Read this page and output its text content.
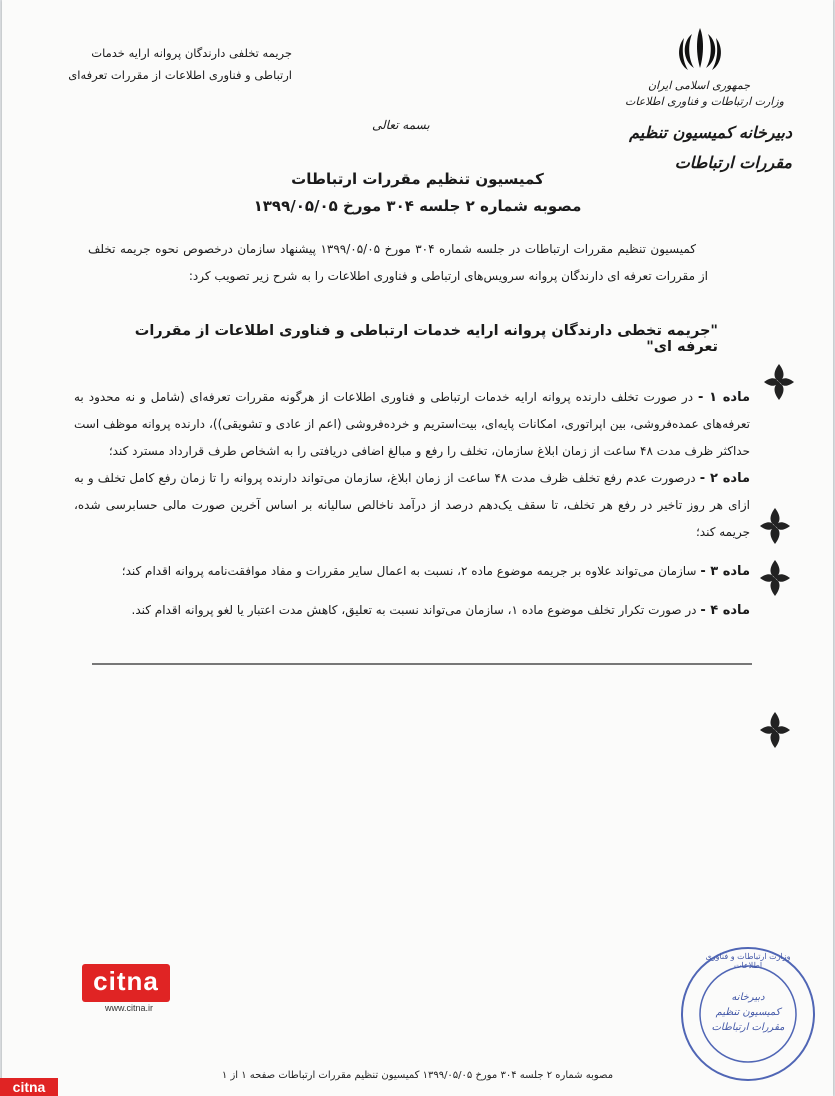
جریمه تخلفی دارندگان پروانه ارایه خدمات
ارتباطی و فناوری اطلاعات از مقررات تعرفه‌ای
جمهوری اسلامی ایران
وزارت ارتباطات و فناوری اطلاعات
دبیرخانه کمیسیون تنظیم مقررات ارتباطات
بسمه تعالی
کمیسیون تنظیم مقررات ارتباطات
مصوبه شماره ۲ جلسه ۳۰۴ مورخ ۱۳۹۹/۰۵/۰۵
کمیسیون تنظیم مقررات ارتباطات در جلسه شماره ۳۰۴ مورخ ۱۳۹۹/۰۵/۰۵ پیشنهاد سازمان درخصوص نحوه جریمه تخلف از مقررات تعرفه ای دارندگان پروانه سرویس‌های ارتباطی و فناوری اطلاعات را به شرح زیر تصویب کرد:
"جریمه تخطی دارندگان پروانه ارایه خدمات ارتباطی و فناوری اطلاعات از مقررات تعرفه ای"

ماده ۱ - در صورت تخلف دارنده پروانه ارایه خدمات ارتباطی و فناوری اطلاعات از هرگونه مقررات تعرفه‌ای (شامل و نه محدود به تعرفه‌های عمده‌فروشی، بین اپراتوری، امکانات پایه‌ای، بیت‌استریم و خرده‌فروشی (اعم از عادی و تشویقی))، دارنده پروانه موظف است حداکثر ظرف مدت ۴۸ ساعت از زمان ابلاغ سازمان، تخلف را رفع و مبالغ اضافی دریافتی را به اشخاص طرف قرارداد مسترد کند؛

ماده ۲ - درصورت عدم رفع تخلف ظرف مدت ۴۸ ساعت از زمان ابلاغ، سازمان می‌تواند دارنده پروانه را تا زمان رفع کامل تخلف و به ازای هر روز تاخیر در رفع هر تخلف، تا سقف یک‌دهم درصد از درآمد ناخالص سالیانه بر اساس آخرین صورت مالی حسابرسی شده، جریمه کند؛

ماده ۳ - سازمان می‌تواند علاوه بر جریمه موضوع ماده ۲، نسبت به اعمال سایر مقررات و مفاد موافقت‌نامه پروانه اقدام کند؛

ماده ۴ - در صورت تکرار تخلف موضوع ماده ۱، سازمان می‌تواند نسبت به تعلیق، کاهش مدت اعتبار یا لغو پروانه اقدام کند.

citna
www.citna.ir
دبیرخانه
کمیسیون تنظیم
مقررات ارتباطات
وزارت ارتباطات و فناوری اطلاعات
مصوبه شماره ۲ جلسه ۳۰۴ مورخ ۱۳۹۹/۰۵/۰۵ کمیسیون تنظیم مقررات ارتباطات صفحه ۱ از ۱
citna
